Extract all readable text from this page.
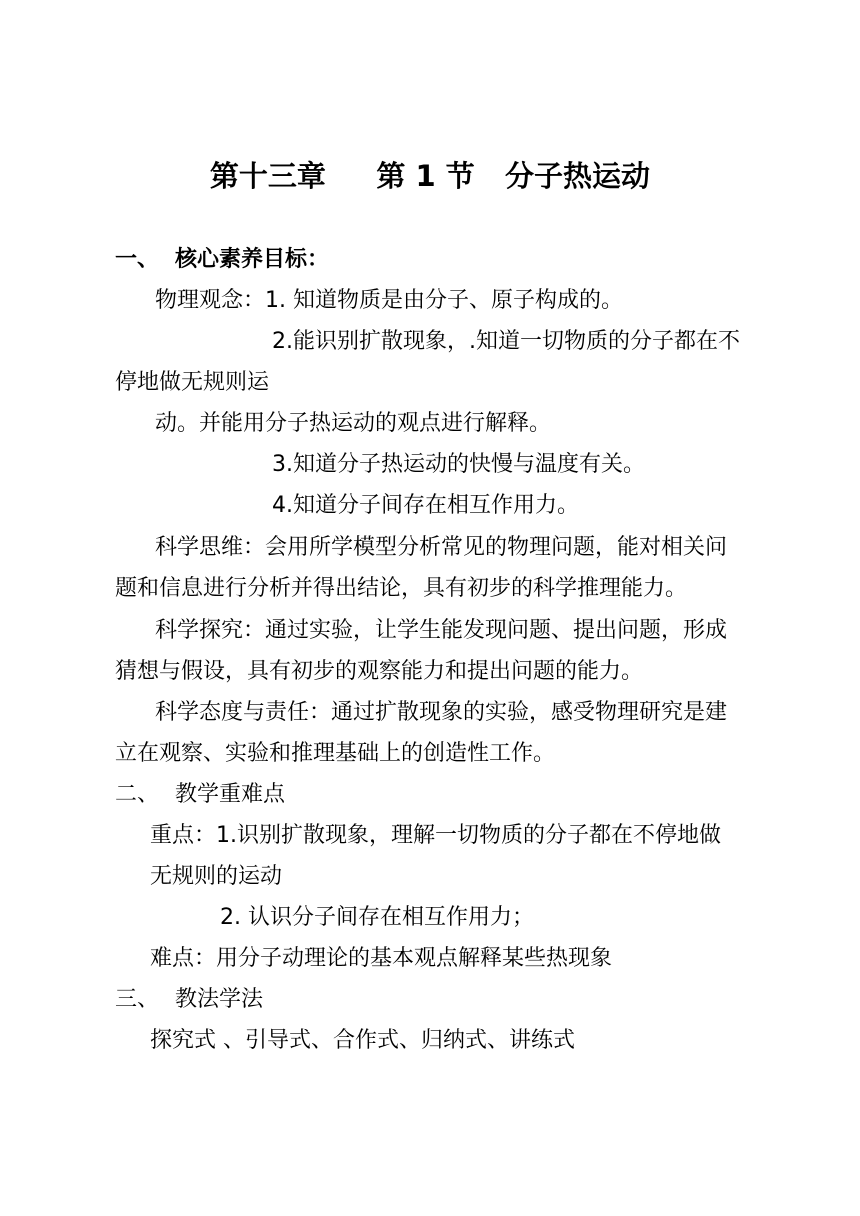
第十三章     第 1 节   分子热运动
一、 核心素养目标：
物理观念：1. 知道物质是由分子、原子构成的。
2.能识别扩散现象，.知道一切物质的分子都在不
停地做无规则运
动。并能用分子热运动的观点进行解释。
3.知道分子热运动的快慢与温度有关。
4.知道分子间存在相互作用力。
科学思维：会用所学模型分析常见的物理问题，能对相关问
题和信息进行分析并得出结论，具有初步的科学推理能力。
科学探究：通过实验，让学生能发现问题、提出问题，形成
猜想与假设，具有初步的观察能力和提出问题的能力。
科学态度与责任：通过扩散现象的实验，感受物理研究是建
立在观察、实验和推理基础上的创造性工作。
二、 教学重难点
重点：1.识别扩散现象，理解一切物质的分子都在不停地做
无规则的运动
2. 认识分子间存在相互作用力；
难点：用分子动理论的基本观点解释某些热现象
三、 教法学法
探究式 、引导式、合作式、归纳式、讲练式
